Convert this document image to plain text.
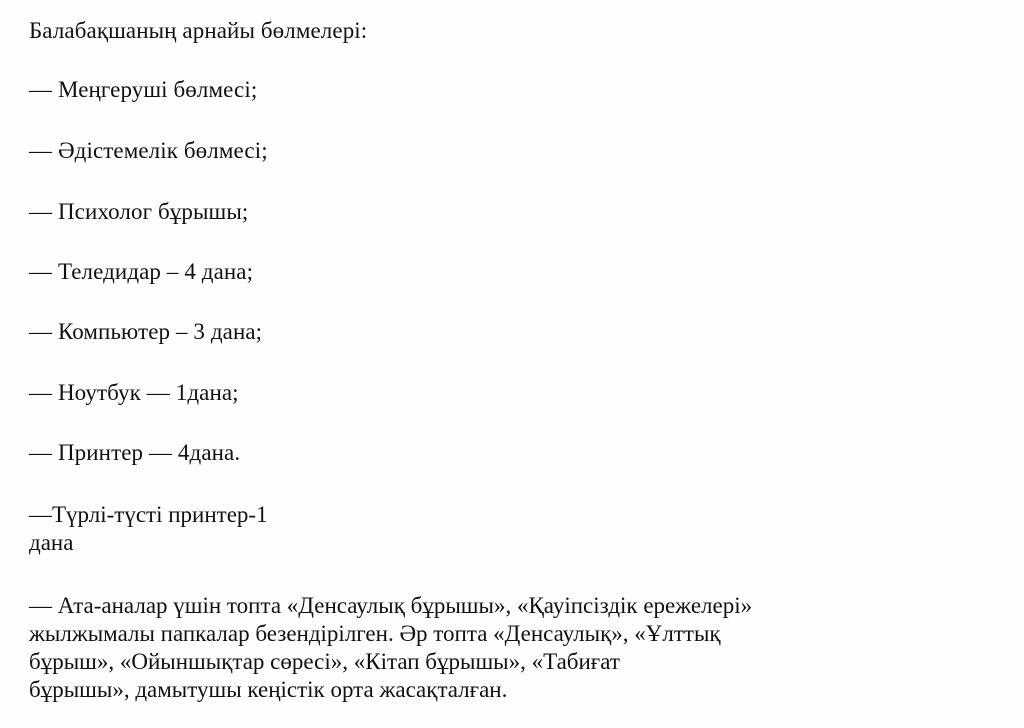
Балабақшаның арнайы бөлмелері:
— Меңгеруші бөлмесі;
— Әдістемелік бөлмесі;
— Психолог бұрышы;
— Теледидар – 4 дана;
— Компьютер – 3 дана;
— Ноутбук — 1дана;
— Принтер — 4дана.
—Түрлі-түсті принтер-1
дана
— Ата-аналар үшін топта «Денсаулық бұрышы», «Қауіпсіздік ережелері»
жылжымалы папкалар безендірілген. Әр топта «Денсаулық», «Ұлттық
бұрыш», «Ойыншықтар сөресі», «Кітап бұрышы», «Табиғат
бұрышы», дамытушы кеңістік орта жасақталған.
